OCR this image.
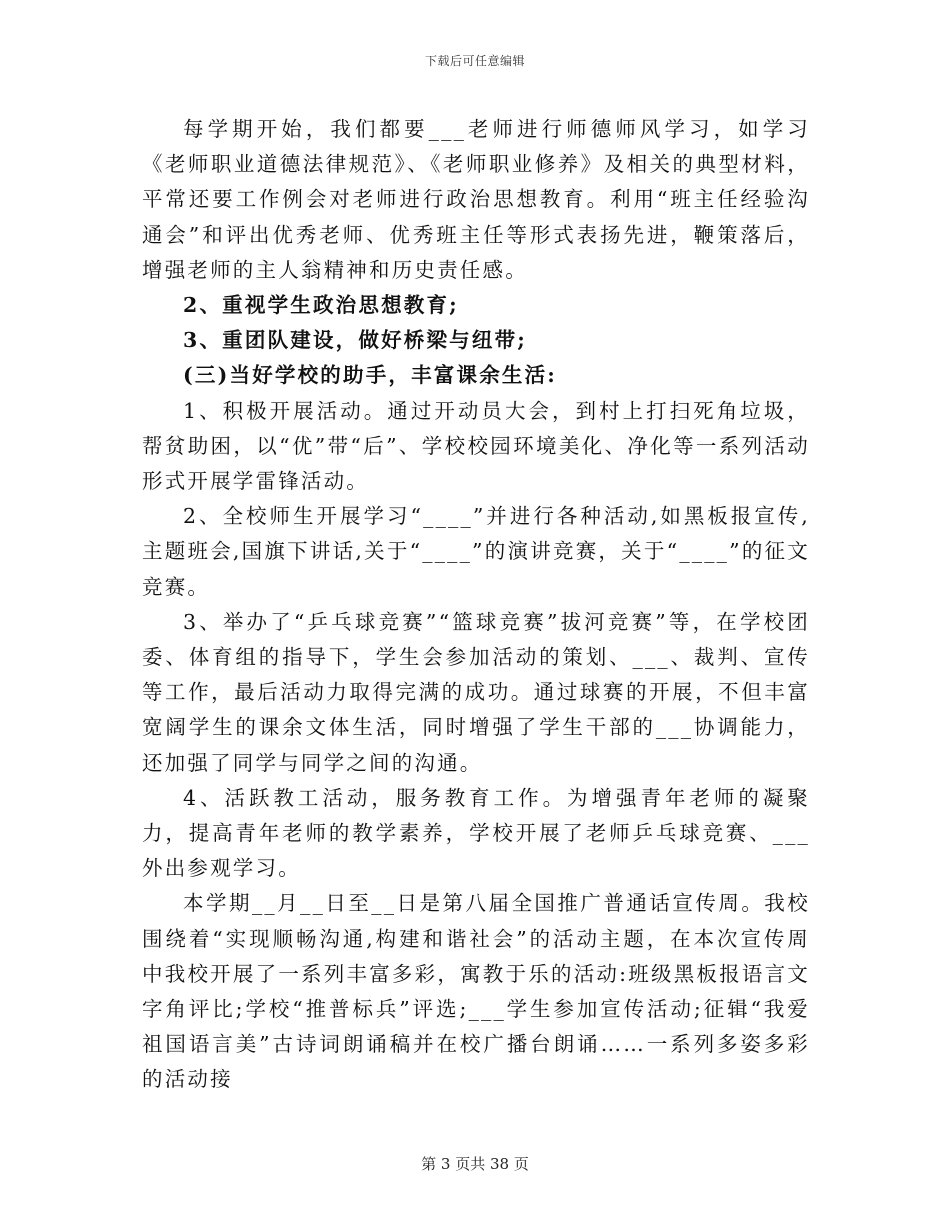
下载后可任意编辑

每学期开始，我们都要___老师进行师德师风学习，如学习《老师职业道德法律规范》、《老师职业修养》及相关的典型材料，平常还要工作例会对老师进行政治思想教育。利用“班主任经验沟通会”和评出优秀老师、优秀班主任等形式表扬先进，鞭策落后，增强老师的主人翁精神和历史责任感。

2、重视学生政治思想教育;

3、重团队建设，做好桥梁与纽带;

(三)当好学校的助手，丰富课余生活:

1、积极开展活动。通过开动员大会，到村上打扫死角垃圾，帮贫助困，以“优”带“后”、学校校园环境美化、净化等一系列活动形式开展学雷锋活动。

2、全校师生开展学习“____”并进行各种活动,如黑板报宣传,主题班会,国旗下讲话,关于“____”的演讲竞赛，关于“____”的征文竞赛。

3、举办了“乒乓球竞赛”“篮球竞赛”拔河竞赛”等，在学校团委、体育组的指导下，学生会参加活动的策划、___、裁判、宣传等工作，最后活动力取得完满的成功。通过球赛的开展，不但丰富宽阔学生的课余文体生活，同时增强了学生干部的___协调能力，还加强了同学与同学之间的沟通。

4、活跃教工活动，服务教育工作。为增强青年老师的凝聚力，提高青年老师的教学素养，学校开展了老师乒乓球竞赛、___外出参观学习。

本学期__月__日至__日是第八届全国推广普通话宣传周。我校围绕着“实现顺畅沟通,构建和谐社会”的活动主题，在本次宣传周中我校开展了一系列丰富多彩，寓教于乐的活动:班级黑板报语言文字角评比;学校“推普标兵”评选;___学生参加宣传活动;征辑“我爱祖国语言美”古诗词朗诵稿并在校广播台朗诵……一系列多姿多彩的活动接

第 3 页共 38 页
